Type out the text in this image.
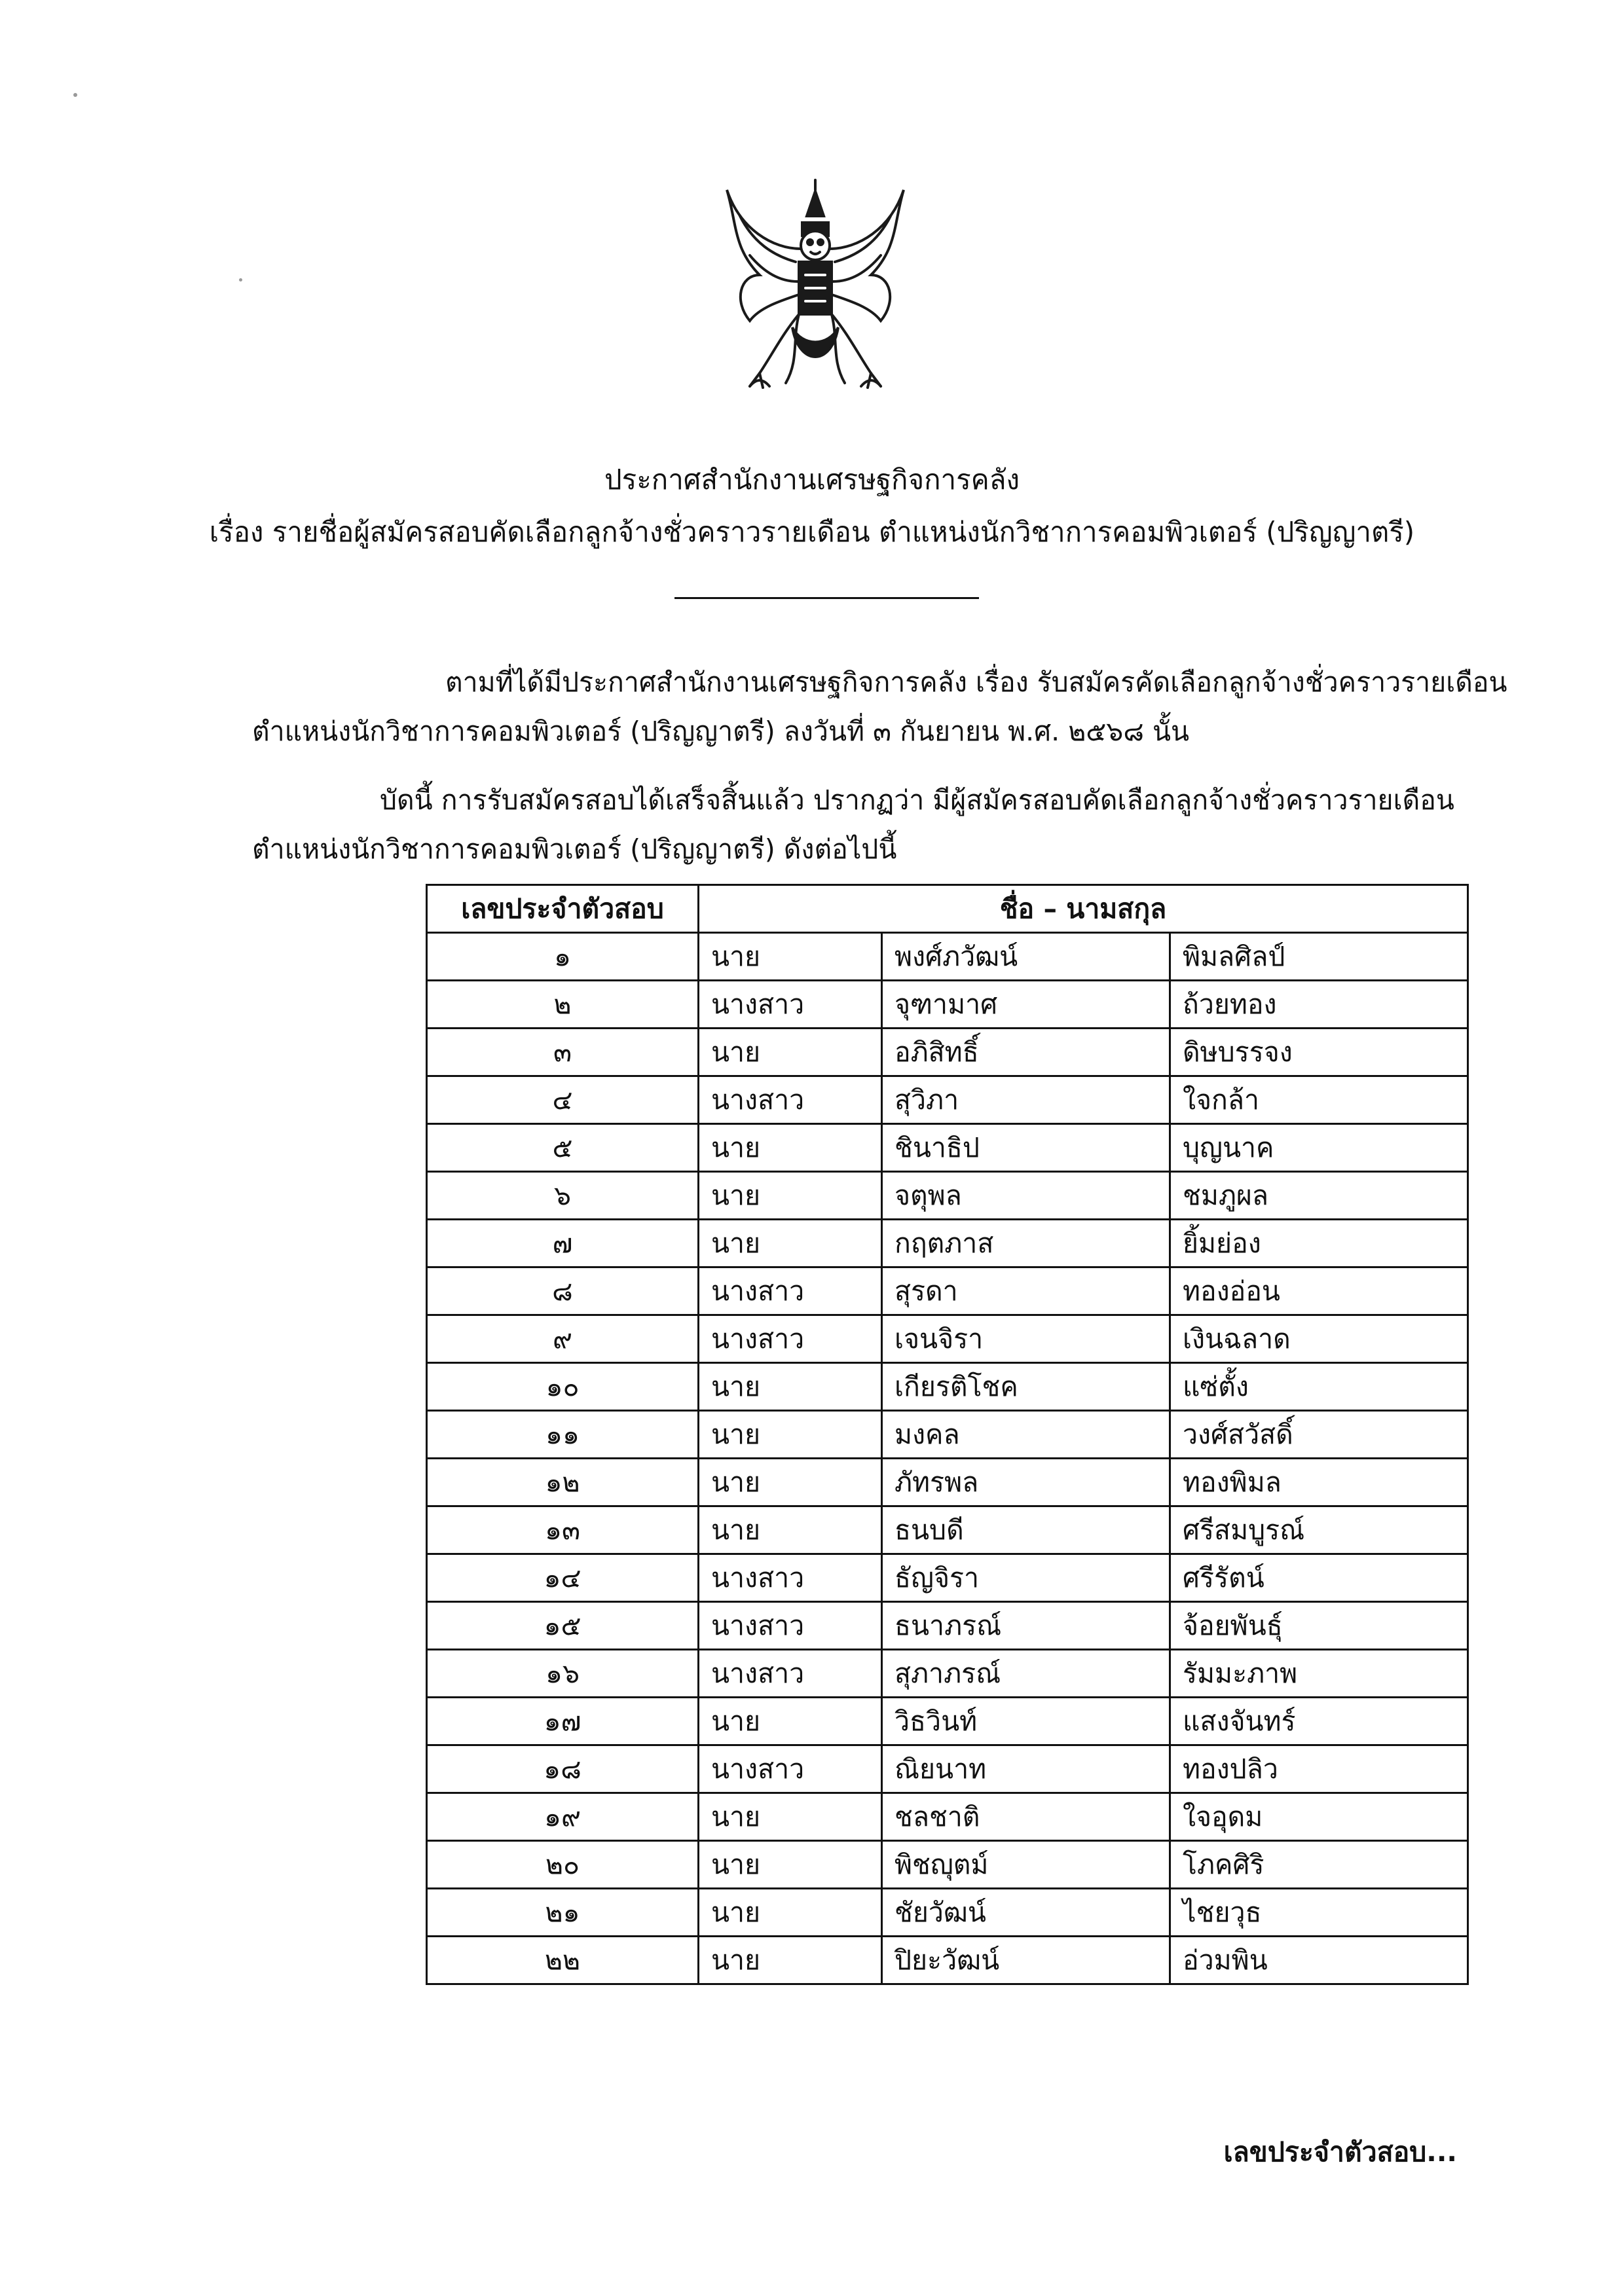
ประกาศสำนักงานเศรษฐกิจการคลัง
เรื่อง รายชื่อผู้สมัครสอบคัดเลือกลูกจ้างชั่วคราวรายเดือน ตำแหน่งนักวิชาการคอมพิวเตอร์ (ปริญญาตรี)
ตามที่ได้มีประกาศสำนักงานเศรษฐกิจการคลัง เรื่อง รับสมัครคัดเลือกลูกจ้างชั่วคราวรายเดือน
ตำแหน่งนักวิชาการคอมพิวเตอร์ (ปริญญาตรี) ลงวันที่ ๓ กันยายน พ.ศ. ๒๕๖๘ นั้น
บัดนี้ การรับสมัครสอบได้เสร็จสิ้นแล้ว ปรากฏว่า มีผู้สมัครสอบคัดเลือกลูกจ้างชั่วคราวรายเดือน
ตำแหน่งนักวิชาการคอมพิวเตอร์ (ปริญญาตรี) ดังต่อไปนี้
เลขประจำตัวสอบ	ชื่อ – นามสกุล		
๑	นาย	พงศ์ภวัฒน์	พิมลศิลป์
๒	นางสาว	จุฑามาศ	ถ้วยทอง
๓	นาย	อภิสิทธิ์	ดิษบรรจง
๔	นางสาว	สุวิภา	ใจกล้า
๕	นาย	ชินาธิป	บุญนาค
๖	นาย	จตุพล	ชมภูผล
๗	นาย	กฤตภาส	ยิ้มย่อง
๘	นางสาว	สุรดา	ทองอ่อน
๙	นางสาว	เจนจิรา	เงินฉลาด
๑๐	นาย	เกียรติโชค	แซ่ตั้ง
๑๑	นาย	มงคล	วงศ์สวัสดิ์
๑๒	นาย	ภัทรพล	ทองพิมล
๑๓	นาย	ธนบดี	ศรีสมบูรณ์
๑๔	นางสาว	ธัญจิรา	ศรีรัตน์
๑๕	นางสาว	ธนาภรณ์	จ้อยพันธุ์
๑๖	นางสาว	สุภาภรณ์	รัมมะภาพ
๑๗	นาย	วิธวินท์	แสงจันทร์
๑๘	นางสาว	ณิยนาท	ทองปลิว
๑๙	นาย	ชลชาติ	ใจอุดม
๒๐	นาย	พิชญุตม์	โภคศิริ
๒๑	นาย	ชัยวัฒน์	ไชยวุธ
๒๒	นาย	ปิยะวัฒน์	อ่วมพิน
เลขประจำตัวสอบ...
